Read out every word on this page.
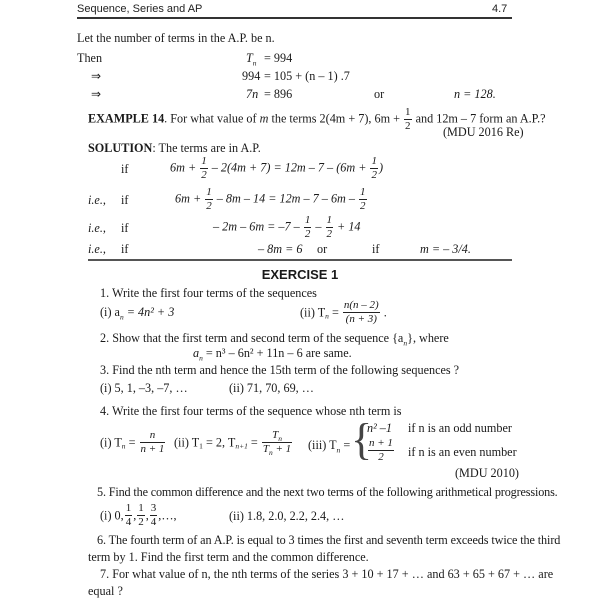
Sequence, Series and AP	4.7
Let the number of terms in the A.P. be n.
Then	$T_n = 994$
⇒	994 = 105 + (n – 1) .7
⇒	7n = 896	or	n = 128.
EXAMPLE 14. For what value of m the terms 2(4m + 7), $6m + \frac{1}{2}$ and 12m – 7 form an A.P.?
(MDU 2016 Re)
SOLUTION: The terms are in A.P.
if	$6m + \frac{1}{2} - 2(4m + 7) = 12m - 7 - (6m + \frac{1}{2}$ )
i.e., if	$6m + \frac{1}{2} - 8m - 14 = 12m - 7 - 6m - \frac{1}{2}$
i.e., if	– $2m - 6m = -7 - \frac{1}{2} - \frac{1}{2} + 14$
i.e., if	– 8m = 6 or	if	m = – 3/4.
EXERCISE 1
1. Write the first four terms of the sequences
(i) $a_n = 4n^2 + 3$	(ii) $T_n = \frac{n(n - 2)}{(n + 3)}$ .
2. Show that the first term and second term of the sequence $\{a_n\}$, where
$a_n = n^3 - 6n^2 + 11n - 6$ are same.
3. Find the nth term and hence the 15th term of the following sequences ?
(i) 5, 1, –3, –7, …	(ii) 71, 70, 69, …
4. Write the first four terms of the sequence whose nth term is
(i) $T_n = \frac{n}{n + 1} (ii) T_1 = 2$, $T_{n+1} = \frac{T_n}{T_n + 1} (iii) T_n$ = {
n² –1 if n is an odd number
$\frac{n + 1}{2}$ if n is an even number
(MDU 2010)
5. Find the common difference and the next two terms of the following arithmetical progressions.
(i) 0, $\frac{1}{4}$ , $\frac{1}{2}$ , $\frac{3}{4}$ ,…,	(ii) 1.8, 2.0, 2.2, 2.4, …
6. The fourth term of an A.P. is equal to 3 times the first and seventh term exceeds twice the third
term by 1. Find the first term and the common difference.
7. For what value of n, the nth terms of the series 3 + 10 + 17 + … and 63 + 65 + 67 + … are
equal ?
